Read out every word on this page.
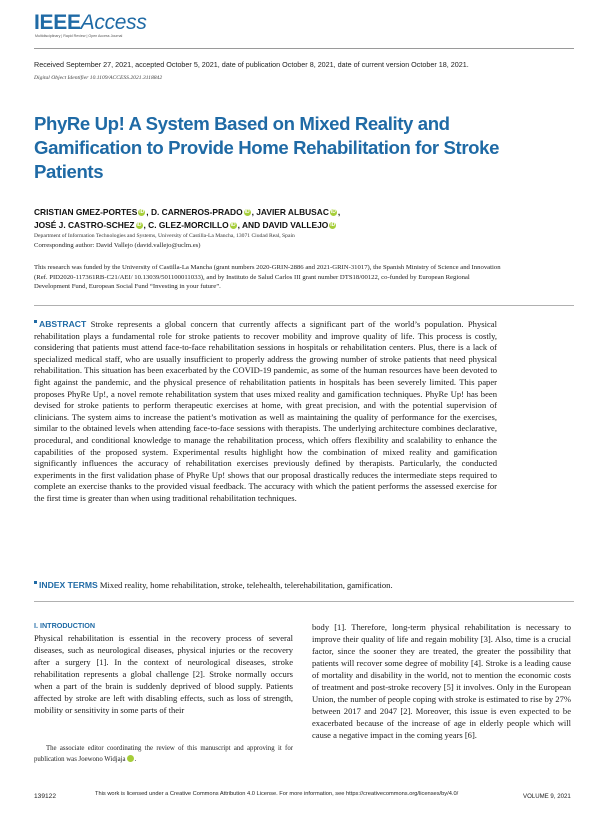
IEEEAccess
Multidisciplinary | Rapid Review | Open Access Journal
Received September 27, 2021, accepted October 5, 2021, date of publication October 8, 2021, date of current version October 18, 2021.
Digital Object Identifier 10.1109/ACCESS.2021.3118842
PhyRe Up! A System Based on Mixed Reality and Gamification to Provide Home Rehabilitation for Stroke Patients
CRISTIAN GMEZ-PORTES iD , D. CARNEROS-PRADO iD , JAVIER ALBUSAC iD ,
JOSÉ J. CASTRO-SCHEZ iD , C. GLEZ-MORCILLO iD , AND DAVID VALLEJO iD
Department of Information Technologies and Systems, University of Castilla-La Mancha, 13071 Ciudad Real, Spain
Corresponding author: David Vallejo (david.vallejo@uclm.es)

This research was funded by the University of Castilla-La Mancha (grant numbers 2020-GRIN-2886 and 2021-GRIN-31017), the Spanish Ministry of Science and Innovation (Ref. PID2020-117361RB-C21/AEI/ 10.13039/501100011033), and by Instituto de Salud Carlos III grant number DTS18/00122, co-funded by European Regional Development Fund, European Social Fund “Investing in your future”.

ABSTRACT Stroke represents a global concern that currently affects a significant part of the world’s population. Physical rehabilitation plays a fundamental role for stroke patients to recover mobility and improve quality of life. This process is costly, considering that patients must attend face-to-face rehabilitation sessions in hospitals or rehabilitation centers. Plus, there is a lack of specialized medical staff, who are usually insufficient to properly address the growing number of stroke patients that need physical rehabilitation. This situation has been exacerbated by the COVID-19 pandemic, as some of the human resources have been devoted to fight against the pandemic, and the physical presence of rehabilitation patients in hospitals has been severely limited. This paper proposes PhyRe Up!, a novel remote rehabilitation system that uses mixed reality and gamification techniques. PhyRe Up! has been devised for stroke patients to perform therapeutic exercises at home, with great precision, and with the potential supervision of clinicians. The system aims to increase the patient’s motivation as well as maintaining the quality of performance for the exercises, similar to the obtained levels when attending face-to-face sessions with therapists. The underlying architecture combines declarative, procedural, and conditional knowledge to manage the rehabilitation process, which offers flexibility and scalability to enhance the capabilities of the proposed system. Experimental results highlight how the combination of mixed reality and gamification significantly influences the accuracy of rehabilitation exercises previously defined by therapists. Particularly, the conducted experiments in the first validation phase of PhyRe Up! shows that our proposal drastically reduces the intermediate steps required to complete an exercise thanks to the provided visual feedback. The accuracy with which the patient performs the assessed exercise for the first time is greater than when using traditional rehabilitation techniques.

INDEX TERMS Mixed reality, home rehabilitation, stroke, telehealth, telerehabilitation, gamification.

I. INTRODUCTION

Physical rehabilitation is essential in the recovery process of several diseases, such as neurological diseases, physical injuries or the recovery after a surgery [1]. In the context of neurological diseases, stroke rehabilitation represents a global challenge [2]. Stroke normally occurs when a part of the brain is suddenly deprived of blood supply. Patients affected by stroke are left with disabling effects, such as loss of strength, mobility or sensitivity in some parts of their

The associate editor coordinating the review of this manuscript and approving it for publication was Joewono Widjaja	iD.

body [1]. Therefore, long-term physical rehabilitation is necessary to improve their quality of life and regain mobility [3]. Also, time is a crucial factor, since the sooner they are treated, the greater the possibility that patients will recover some degree of mobility [4]. Stroke is a leading cause of mortality and disability in the world, not to mention the economic costs of treatment and post-stroke recovery [5] it involves. Only in the European Union, the number of people coping with stroke is estimated to rise by 27% between 2017 and 2047 [2]. Moreover, this issue is even expected to be exacerbated because of the increase of age in elderly people which will cause a negative impact in the coming years [6].

139122	This work is licensed under a Creative Commons Attribution 4.0 License. For more information, see https://creativecommons.org/licenses/by/4.0/	VOLUME 9, 2021
